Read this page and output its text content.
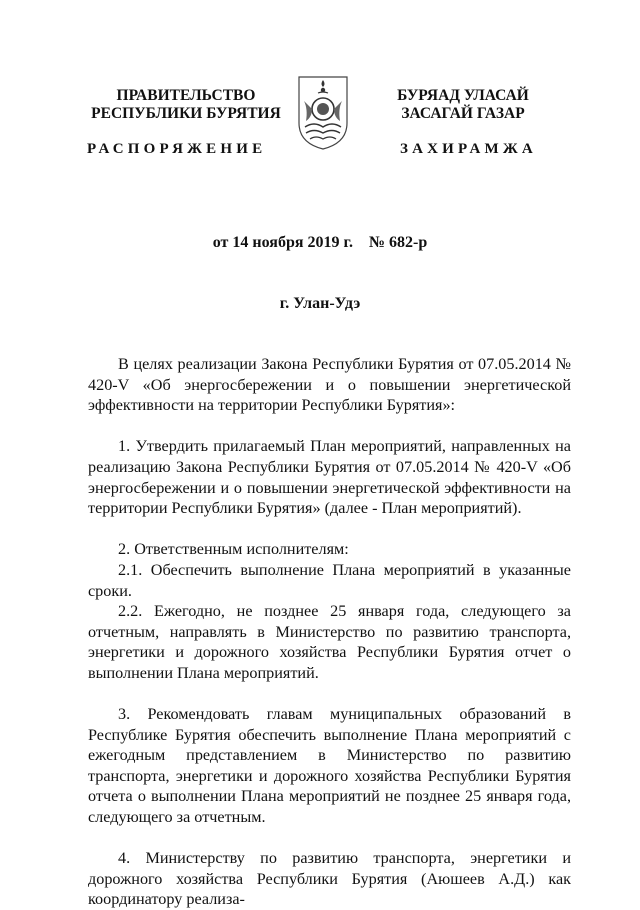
ПРАВИТЕЛЬСТВО
РЕСПУБЛИКИ БУРЯТИЯ
БУРЯАД УЛАСАЙ
ЗАСАГАЙ ГАЗАР
РАСПОРЯЖЕНИЕ	ЗАХИРАМЖА
от 14 ноября 2019 г.    № 682-р
г. Улан-Удэ

В целях реализации Закона Республики Бурятия от 07.05.2014 № 420-V «Об энергосбережении и о повышении энергетической эффективности на территории Республики Бурятия»:

1. Утвердить прилагаемый План мероприятий, направленных на реализацию Закона Республики Бурятия от 07.05.2014 № 420-V «Об энергосбережении и о повышении энергетической эффективности на территории Республики Бурятия» (далее - План мероприятий).

2. Ответственным исполнителям:

2.1. Обеспечить выполнение Плана мероприятий в указанные сроки.

2.2. Ежегодно, не позднее 25 января года, следующего за отчетным, направлять в Министерство по развитию транспорта, энергетики и дорожного хозяйства Республики Бурятия отчет о выполнении Плана мероприятий.

3. Рекомендовать главам муниципальных образований в Республике Бурятия обеспечить выполнение Плана мероприятий с ежегодным представлением в Министерство по развитию транспорта, энергетики и дорожного хозяйства Республики Бурятия отчета о выполнении Плана мероприятий не позднее 25 января года, следующего за отчетным.

4. Министерству по развитию транспорта, энергетики и дорожного хозяйства Республики Бурятия (Аюшеев А.Д.) как координатору реализа-
